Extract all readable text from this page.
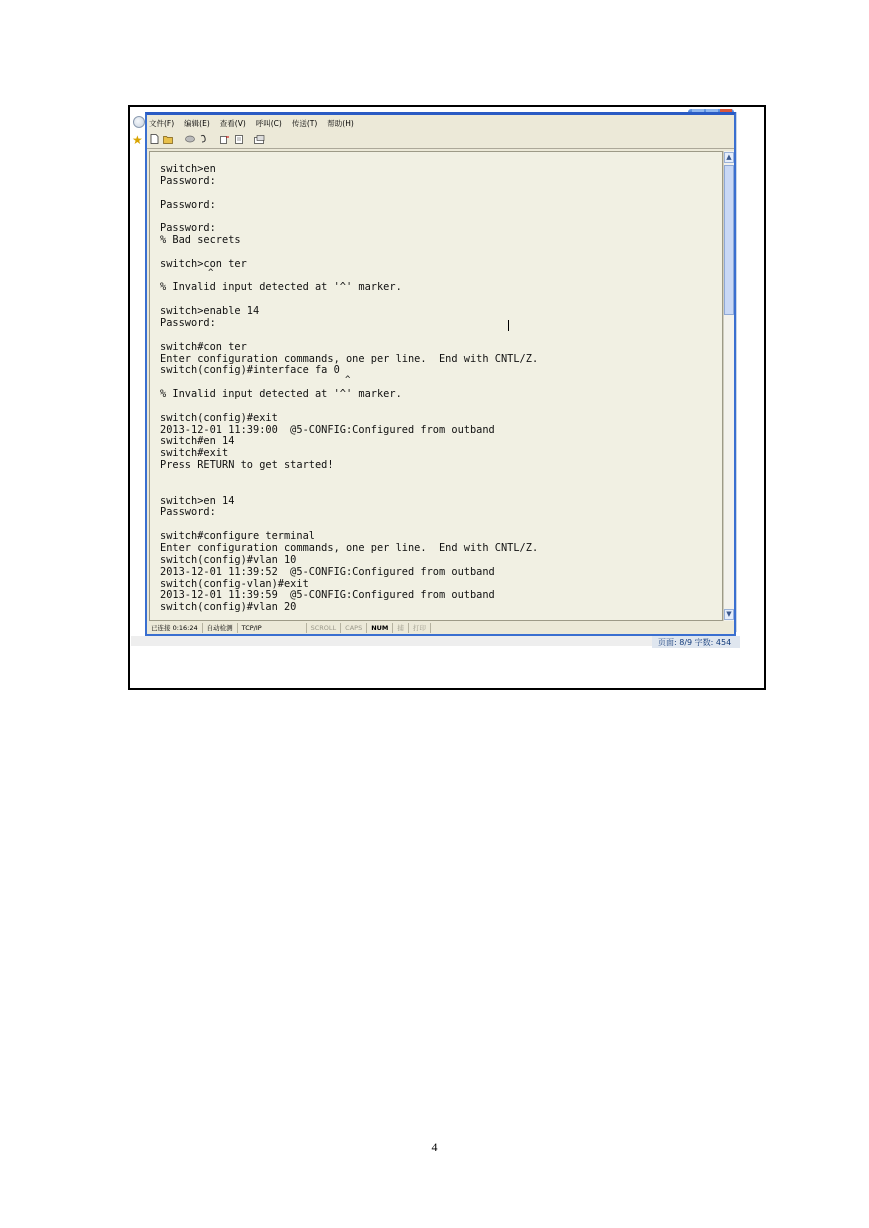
★
页面: 8/9 字数: 454
文件(F) 编辑(E) 查看(V) 呼叫(C) 传送(T) 帮助(H)
switch>en
Password:

Password:

Password:
% Bad secrets

switch>con ter

% Invalid input detected at '^' marker.

switch>enable 14
Password:

switch#con ter
Enter configuration commands, one per line.  End with CNTL/Z.
switch(config)#interface fa 0

% Invalid input detected at '^' marker.

switch(config)#exit
2013-12-01 11:39:00  @5-CONFIG:Configured from outband
switch#en 14
switch#exit
Press RETURN to get started!

switch>en 14
Password:

switch#configure terminal
Enter configuration commands, one per line.  End with CNTL/Z.
switch(config)#vlan 10
2013-12-01 11:39:52  @5-CONFIG:Configured from outband
switch(config-vlan)#exit
2013-12-01 11:39:59  @5-CONFIG:Configured from outband
switch(config)#vlan 20
^
^
▲
▼
已连接 0:16:24	自动检测	TCP/IP	SCROLL	CAPS	NUM	捕	打印
4
